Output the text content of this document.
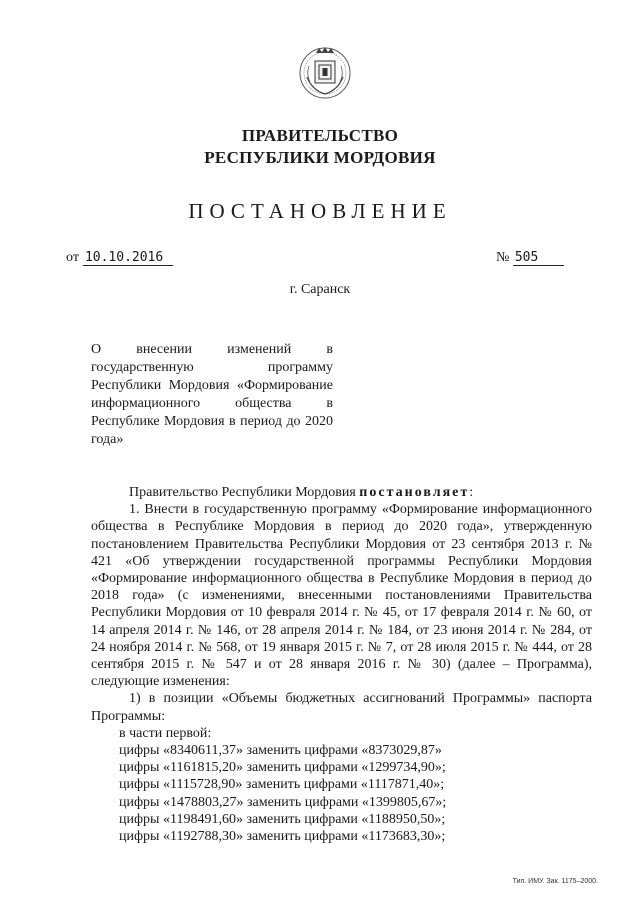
ПРАВИТЕЛЬСТВО
РЕСПУБЛИКИ МОРДОВИЯ
ПОСТАНОВЛЕНИЕ
от 10.10.2016	№ 505
г. Саранск
О внесении изменений в государственную программу Республики Мордовия «Формирование информационного общества в Республике Мордовия в период до 2020 года»

Правительство Республики Мордовия постановляет:

1. Внести в государственную программу «Формирование информационного общества в Республике Мордовия в период до 2020 года», утвержденную постановлением Правительства Республики Мордовия от 23 сентября 2013 г. № 421 «Об утверждении государственной программы Республики Мордовия «Формирование информационного общества в Республике Мордовия в период до 2018 года» (с изменениями, внесенными постановлениями Правительства Республики Мордовия от 10 февраля 2014 г. № 45, от 17 февраля 2014 г. № 60, от 14 апреля 2014 г. № 146, от 28 апреля 2014 г. № 184, от 23 июня 2014 г. № 284, от 24 ноября 2014 г. № 568, от 19 января 2015 г. № 7, от 28 июля 2015 г. № 444, от 28 сентября 2015 г. № 547 и от 28 января 2016 г. № 30) (далее – Программа), следующие изменения:

1) в позиции «Объемы бюджетных ассигнований Программы» паспорта Программы:

в части первой:

цифры «8340611,37» заменить цифрами «8373029,87»

цифры «1161815,20» заменить цифрами «1299734,90»;

цифры «1115728,90» заменить цифрами «1117871,40»;

цифры «1478803,27» заменить цифрами «1399805,67»;

цифры «1198491,60» заменить цифрами «1188950,50»;

цифры «1192788,30» заменить цифрами «1173683,30»;

Тип. ИМУ. Зак. 1175–2000.
